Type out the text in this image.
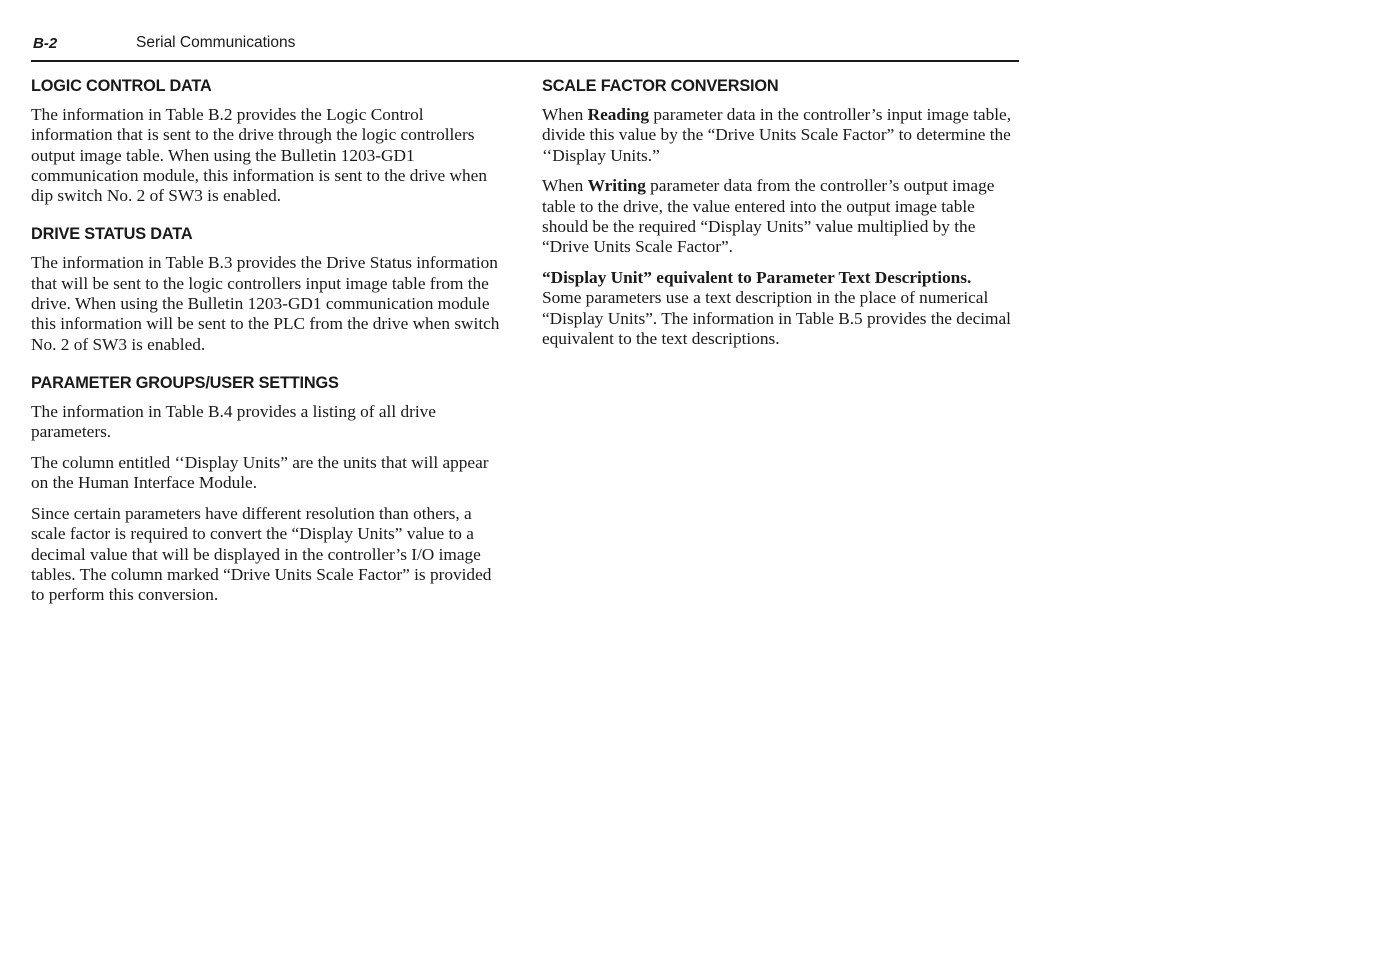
B-2	Serial Communications
LOGIC CONTROL DATA

The information in Table B.2 provides the Logic Control information that is sent to the drive through the logic controllers output image table. When using the Bulletin 1203-GD1 communication module, this information is sent to the drive when dip switch No. 2 of SW3 is enabled.

DRIVE STATUS DATA

The information in Table B.3 provides the Drive Status information that will be sent to the logic controllers input image table from the drive. When using the Bulletin 1203-GD1 communication module this information will be sent to the PLC from the drive when switch No. 2 of SW3 is enabled.

PARAMETER GROUPS/USER SETTINGS

The information in Table B.4 provides a listing of all drive parameters.

The column entitled ‘‘Display Units” are the units that will appear on the Human Interface Module.

Since certain parameters have different resolution than others, a scale factor is required to convert the “Display Units” value to a decimal value that will be displayed in the controller’s I/O image tables. The column marked “Drive Units Scale Factor” is provided to perform this conversion.

SCALE FACTOR CONVERSION

When Reading parameter data in the controller’s input image table, divide this value by the “Drive Units Scale Factor” to determine the ‘‘Display Units.”

When Writing parameter data from the controller’s output image table to the drive, the value entered into the output image table should be the required “Display Units” value multiplied by the “Drive Units Scale Factor”.

“Display Unit” equivalent to Parameter Text Descriptions. Some parameters use a text description in the place of numerical “Display Units”. The information in Table B.5 provides the decimal equivalent to the text descriptions.
